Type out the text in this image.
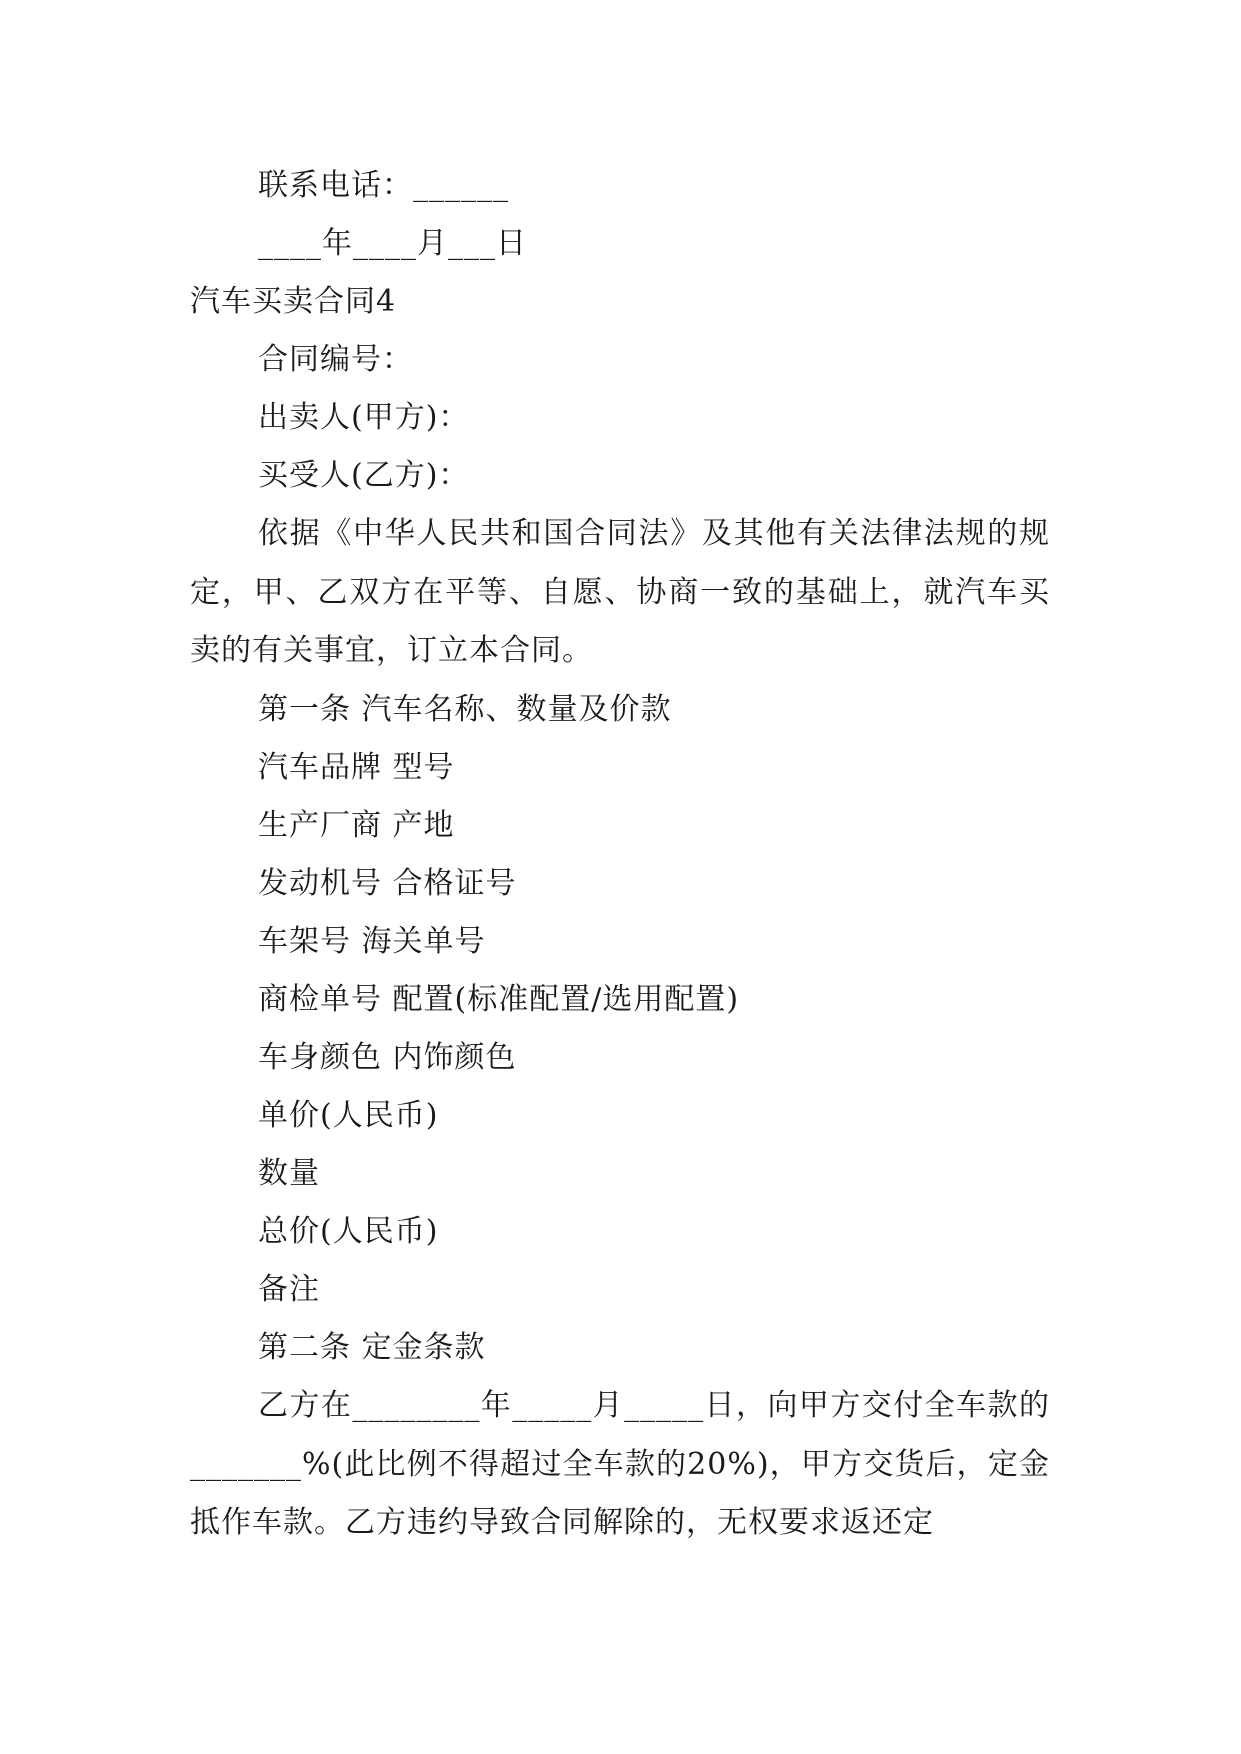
联系电话：______
____年____月___日
汽车买卖合同4
合同编号：
出卖人(甲方)：
买受人(乙方)：
依据《中华人民共和国合同法》及其他有关法律法规的规定，甲、乙双方在平等、自愿、协商一致的基础上，就汽车买卖的有关事宜，订立本合同。
第一条 汽车名称、数量及价款
汽车品牌 型号
生产厂商 产地
发动机号 合格证号
车架号 海关单号
商检单号 配置(标准配置/选用配置)
车身颜色 内饰颜色
单价(人民币)
数量
总价(人民币)
备注
第二条 定金条款
乙方在________年_____月_____日，向甲方交付全车款的_______%(此比例不得超过全车款的20%)，甲方交货后，定金抵作车款。乙方违约导致合同解除的，无权要求返还定
